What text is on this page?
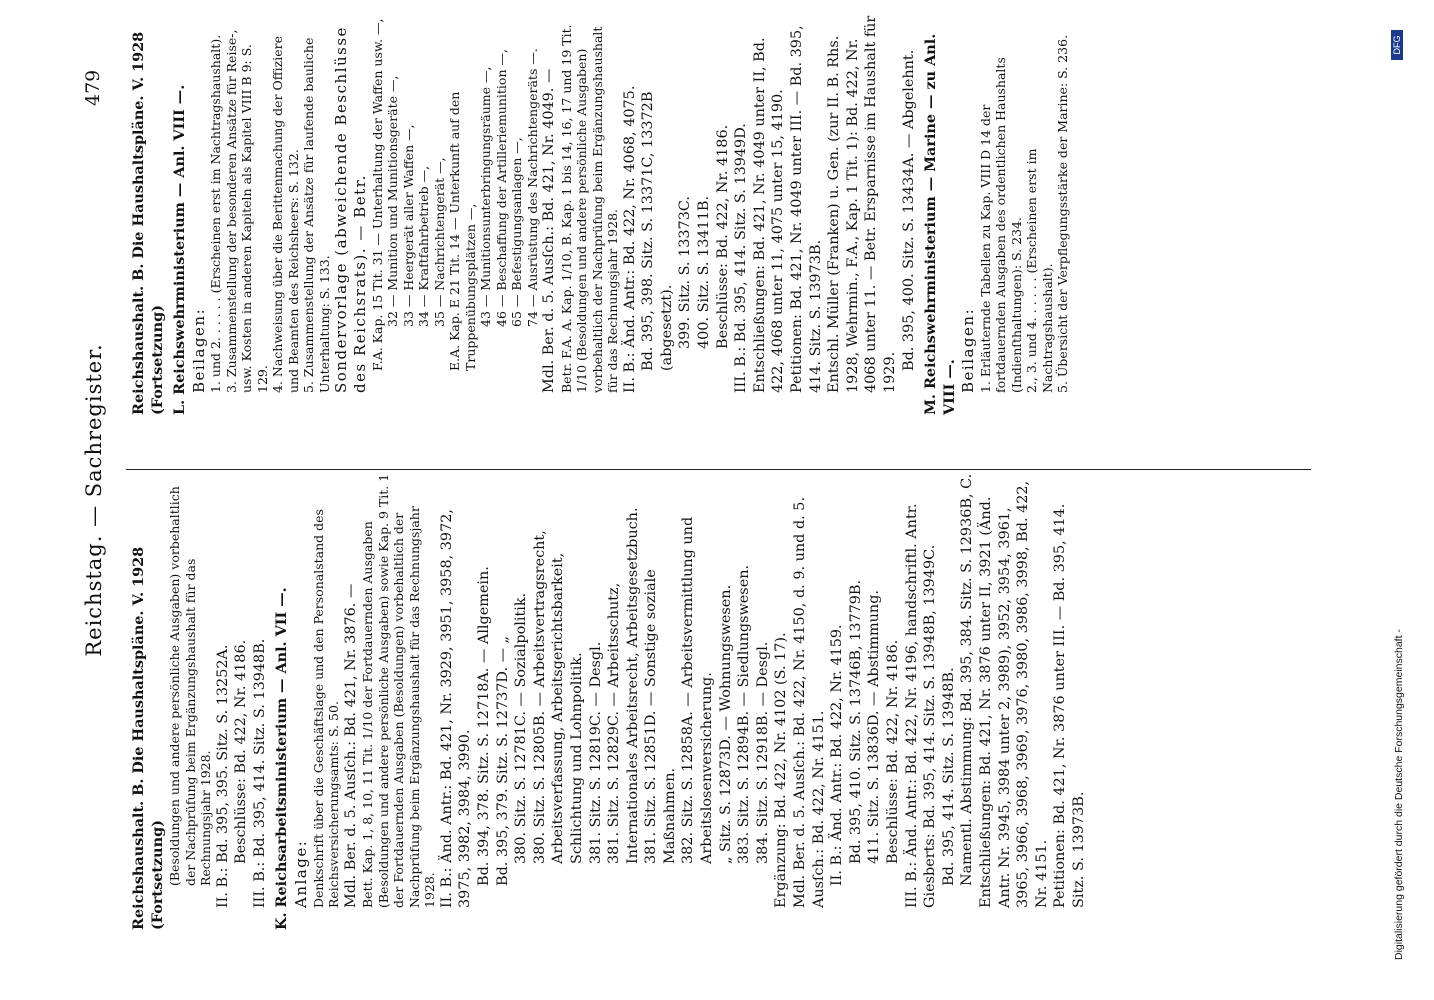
Reichstag. — Sachregister.
479
Reichshaushalt. B. Die Haushaltspläne. V. 1928 (Fortsetzung) (Besoldungen und andere persönliche Ausgaben) vorbehaltlich der Nachprüfung beim Ergänzungshaushalt für das Rechnungsjahr 1928. II. B.: Bd. 395, 395. Sitz. S. 13252A. Beschlüsse: Bd. 422, Nr. 4186. III. B.: Bd. 395, 414. Sitz. S. 13948B. K. Reichsarbeitsministerium — Anl. VII —. Anlage: Denkschrift über die Geschäftslage und den Personalstand des Reichsversicherungsamts: S. 50. Mdl. Ber. d. 5. Ausſch.: Bd. 421, Nr. 3876. — Bett. Kap. 1, 8, 10, 11 Tit. 1/10 der Fortdauernden Ausgaben (Besoldungen und andere persönliche Ausgaben) sowie Kap. 9 Tit. 1 der Fortdauernden Ausgaben (Besoldungen) vorbehaltlich der Nachprüfung beim Ergänzungshaushalt für das Rechnungsjahr 1928. II. B.: Änd. Antr.: Bd. 421, Nr. 3929, 3951, 3958, 3972, 3975, 3982, 3984, 3990. Bd. 394, 378. Sitz. S. 12718A. — Allgemein. Bd. 395, 379. Sitz. S. 12737D. — „ 380. Sitz. S. 12781C. — Sozialpolitik. 380. Sitz. S. 12805B. — Arbeitsvertragsrecht, Arbeitsverfassung, Arbeitsgerichtsbarkeit, Schlichtung und Lohnpolitik. 381. Sitz. S. 12819C. — Desgl. 381. Sitz. S. 12829C. — Arbeitsschutz, Internationales Arbeitsrecht, Arbeitsgesetzbuch. 381. Sitz. S. 12851D. — Sonstige soziale Maßnahmen. 382. Sitz. S. 12858A. — Arbeitsvermittlung und Arbeitslosenversicherung. „ Sitz. S. 12873D. — Wohnungswesen. 383. Sitz. S. 12894B. — Siedlungswesen. 384. Sitz. S. 12918B. — Desgl. Ergänzung: Bd. 422, Nr. 4102 (S. 17). Mdl. Ber. d. 5. Ausſch.: Bd. 422, Nr. 4150, d. 9. und d. 5. Ausſch.: Bd. 422, Nr. 4151. II. B.: Änd. Antr.: Bd. 422, Nr. 4159. Bd. 395, 410. Sitz. S. 13746B, 13779B. 411. Sitz. S. 13836D. — Abstimmung. Beschlüsse: Bd. 422, Nr. 4186. III. B.: Änd. Antr.: Bd. 422, Nr. 4196, handschriftl. Antr. Giesberts: Bd. 395, 414. Sitz. S. 13948B, 13949C. Bd. 395, 414. Sitz. S. 13948B. Namentl. Abstimmung: Bd. 395, 384. Sitz. S. 12936B, C. Entschließungen: Bd. 421, Nr. 3876 unter II, 3921 (Änd. Antr. Nr. 3945, 3984 unter 2, 3989), 3952, 3954, 3961, 3965, 3966, 3968, 3969, 3976, 3980, 3986, 3998, Bd. 422, Nr. 4151. Petitionen: Bd. 421, Nr. 3876 unter III. — Bd. 395, 414. Sitz. S. 13973B.
Reichshaushalt. B. Die Haushaltspläne. V. 1928 (Fortsetzung) L. Reichswehrministerium — Anl. VIII —. Beilagen: 1. und 2. . . . . . (Erscheinen erst im Nachtragshaushalt). 3. Zusammenstellung der besonderen Ansätze für Reise-, usw. Kosten in anderen Kapiteln als Kapitel VIII B 9: S. 129. 4. Nachweisung über die Berittenmachung der Offiziere und Beamten des Reichsheers: S. 132. 5. Zusammenstellung der Ansätze für laufende bauliche Unterhaltung: S. 133. Sondervorlage (abweichende Beschlüsse des Reichsrats). — Betr. F.A. Kap. 15 Tit. 31 — Unterhaltung der Waffen usw. —, 32 — Munition und Munitionsgeräte —, 33 — Heergerät aller Waffen —, 34 — Kraftfahrbetrieb —, 35 — Nachrichtengerät —, E.A. Kap. E 21 Tit. 14 — Unterkunft auf den Truppenübungsplätzen —, 43 — Munitionsunterbringungsräume —, 46 — Beschaffung der Artilleriemunition —, 65 — Befestigungsanlagen —, 74 — Ausrüstung des Nachrichtengeräts —. Mdl. Ber. d. 5. Ausſch.: Bd. 421, Nr. 4049. — Betr. F.A. A. Kap. 1/10, B. Kap. 1 bis 14, 16, 17 und 19 Tit. 1/10 (Besoldungen und andere persönliche Ausgaben) vorbehaltlich der Nachprüfung beim Ergänzungshaushalt für das Rechnungsjahr 1928. II. B.: Änd. Antr.: Bd. 422, Nr. 4068, 4075. Bd. 395, 398. Sitz. S. 13371C, 13372B (abgesetzt). 399. Sitz. S. 13373C. 400. Sitz. S. 13411B. Beschlüsse: Bd. 422, Nr. 4186. III. B.: Bd. 395, 414. Sitz. S. 13949D. Entschließungen: Bd. 421, Nr. 4049 unter II, Bd. 422, 4068 unter 11, 4075 unter 15, 4190. Petitionen: Bd. 421, Nr. 4049 unter III. — Bd. 395, 414. Sitz. S. 13973B. Entschl. Müller (Franken) u. Gen. (zur II. B. Rhs. 1928, Wehrmin., F.A., Kap. 1 Tit. 1): Bd. 422, Nr. 4068 unter 11. — Betr. Ersparnisse im Haushalt für 1929.
Bd. 395, 400. Sitz. S. 13434A. — Abgelehnt. M. Reichswehrministerium — Marine — zu Anl. VIII —. Beilagen: 1. Erläuternde Tabellen zu Kap. VIII D 14 der fortdauernden Ausgaben des ordentlichen Haushalts (Indienſthaltungen): S. 234. 2., 3. und 4. . . . . . (Erscheinen erst im Nachtragshaushalt). 5. Übersicht der Verpflegungsstärke der Marine: S. 236.
Digitalisierung gefördert durch die Deutsche Forschungsgemeinschaft -
DFG
